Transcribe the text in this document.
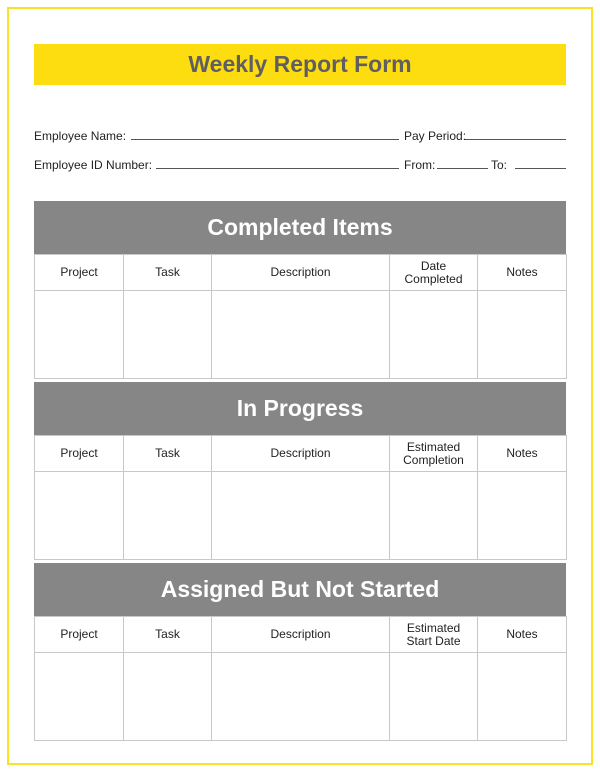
Weekly Report Form
Employee Name:	Pay Period:
Employee ID Number:	From:	To:
Completed Items
Project	Task	Description	Date Completed	Notes

In Progress
Project	Task	Description	Estimated Completion	Notes

Assigned But Not Started
Project	Task	Description	Estimated Start Date	Notes
